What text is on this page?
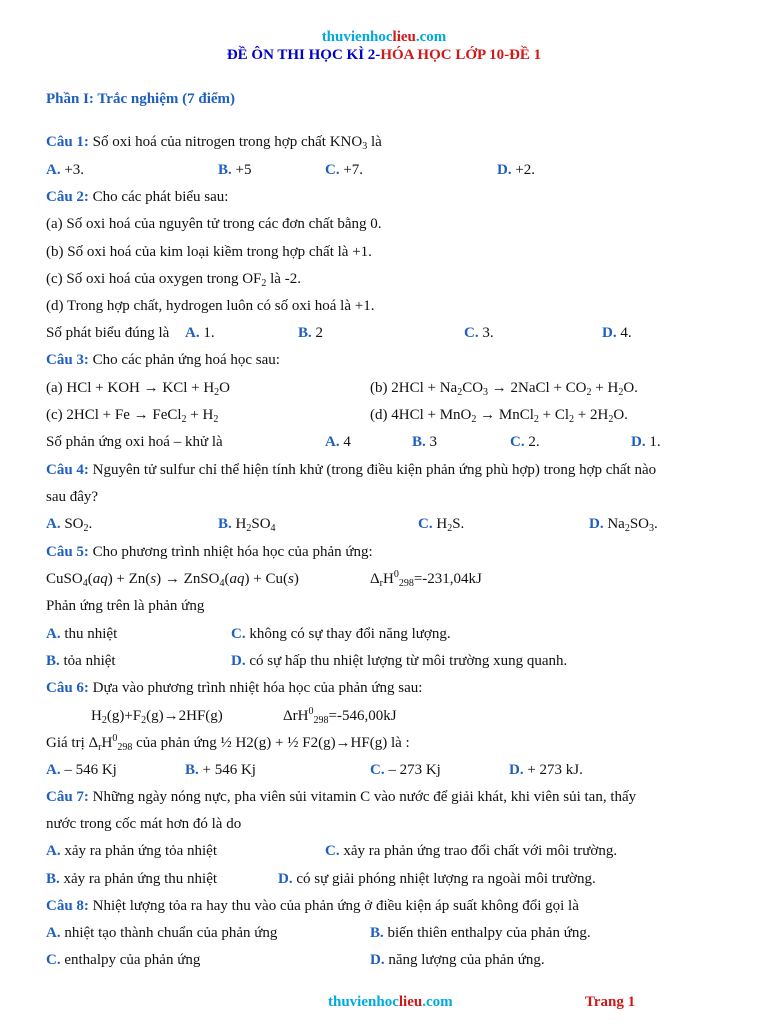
thuvienhoclieu.com
ĐỀ ÔN THI HỌC KÌ 2-HÓA HỌC LỚP 10-ĐỀ 1
Phần I: Trắc nghiệm (7 điểm)
Câu 1: Số oxi hoá của nitrogen trong hợp chất $KNO_3$ là
A. +3.	B. +5	C. +7.	D. +2.
Câu 2: Cho các phát biểu sau:
(a) Số oxi hoá của nguyên tử trong các đơn chất bằng 0.
(b) Số oxi hoá của kim loại kiềm trong hợp chất là +1.
(c) Số oxi hoá của oxygen trong $OF_2$ là -2.
(d) Trong hợp chất, hydrogen luôn có số oxi hoá là +1.
Số phát biểu đúng là A. 1.	B. 2	C. 3.	D. 4.
Câu 3: Cho các phản ứng hoá học sau:
(a) HCl + KOH → KCl + $H_2O$	(b) $2HCl + Na_2CO_3$ → 2NaCl + $CO_2 + H_2O$.
(c) 2HCl + Fe → FeCl$_2$ + $H_2$	(d) 4HCl + MnO$_2$ → MnCl$_2$ + $Cl_2 + 2H_2O$.
Số phản ứng oxi hoá – khử là	A. 4	B. 3	C. 2.	D. 1.
Câu 4: Nguyên tử sulfur chỉ thể hiện tính khử (trong điều kiện phản ứng phù hợp) trong hợp chất nào
sau đây?
A. $SO_2$.	B. $H_2SO_4$	C. $H_2S$.	D. $Na_2SO_3$.
Câu 5: Cho phương trình nhiệt hóa học của phản ứng:
CuSO$_4$(aq) + Zn(s) → ZnSO$_4$(aq) + Cu(s)	$\Delta_rH^0_{298}=-231,04kJ$
Phản ứng trên là phản ứng
A. thu nhiệt	C. không có sự thay đổi năng lượng.
B. tỏa nhiệt	D. có sự hấp thu nhiệt lượng từ môi trường xung quanh.
Câu 6: Dựa vào phương trình nhiệt hóa học của phản ứng sau:
$H_2(g)+F_2(g)\to 2HF(g)$	ΔrH$^0_{298}$=-546,00kJ
Giá trị $\Delta_rH^0_{298}$ của phản ứng ½ H2(g) + ½ F2(g)→HF(g) là :
A. – 546 Kj	B. + 546 Kj	C. – 273 Kj	D. + 273 kJ.
Câu 7: Những ngày nóng nực, pha viên sủi vitamin C vào nước để giải khát, khi viên sủi tan, thấy
nước trong cốc mát hơn đó là do
A. xảy ra phản ứng tỏa nhiệt	C. xảy ra phản ứng trao đổi chất với môi trường.
B. xảy ra phản ứng thu nhiệt	D. có sự giải phóng nhiệt lượng ra ngoài môi trường.
Câu 8: Nhiệt lượng tỏa ra hay thu vào của phản ứng ở điều kiện áp suất không đổi gọi là
A. nhiệt tạo thành chuẩn của phản ứng	B. biến thiên enthalpy của phản ứng.
C. enthalpy của phản ứng	D. năng lượng của phản ứng.
thuvienhoclieu.com	Trang 1
